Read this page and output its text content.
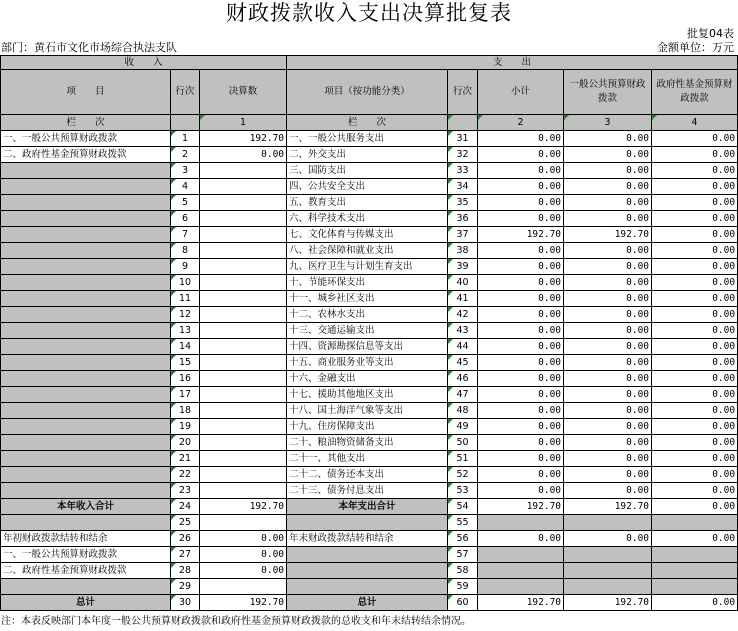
财政拨款收入支出决算批复表
批复04表
部门：黄石市文化市场综合执法支队	金额单位：万元
收　　入			支　　出				
项　　目	行次	决算数	项目（按功能分类）	行次	小计	一般公共预算财政拨款	政府性基金预算财政拨款
栏　　次		1	栏　　次		2	3	4
一、一般公共预算财政拨款	1	192.70	一、一般公共服务支出	31	0.00	0.00	0.00
二、政府性基金预算财政拨款	2	0.00	二、外交支出	32	0.00	0.00	0.00
	3		三、国防支出	33	0.00	0.00	0.00
	4		四、公共安全支出	34	0.00	0.00	0.00
	5		五、教育支出	35	0.00	0.00	0.00
	6		六、科学技术支出	36	0.00	0.00	0.00
	7		七、文化体育与传媒支出	37	192.70	192.70	0.00
	8		八、社会保障和就业支出	38	0.00	0.00	0.00
	9		九、医疗卫生与计划生育支出	39	0.00	0.00	0.00
	10		十、节能环保支出	40	0.00	0.00	0.00
	11		十一、城乡社区支出	41	0.00	0.00	0.00
	12		十二、农林水支出	42	0.00	0.00	0.00
	13		十三、交通运输支出	43	0.00	0.00	0.00
	14		十四、资源勘探信息等支出	44	0.00	0.00	0.00
	15		十五、商业服务业等支出	45	0.00	0.00	0.00
	16		十六、金融支出	46	0.00	0.00	0.00
	17		十七、援助其他地区支出	47	0.00	0.00	0.00
	18		十八、国土海洋气象等支出	48	0.00	0.00	0.00
	19		十九、住房保障支出	49	0.00	0.00	0.00
	20		二十、粮油物资储备支出	50	0.00	0.00	0.00
	21		二十一、其他支出	51	0.00	0.00	0.00
	22		二十二、债务还本支出	52	0.00	0.00	0.00
	23		二十三、债务付息支出	53	0.00	0.00	0.00
本年收入合计	24	192.70	本年支出合计	54	192.70	192.70	0.00
	25			55			
年初财政拨款结转和结余	26	0.00	年末财政拨款结转和结余	56	0.00	0.00	0.00
一、一般公共预算财政拨款	27	0.00		57			
二、政府性基金预算财政拨款	28	0.00		58			
	29			59			
总计	30	192.70	总计	60	192.70	192.70	0.00
注：本表反映部门本年度一般公共预算财政拨款和政府性基金预算财政拨款的总收支和年末结转结余情况。
